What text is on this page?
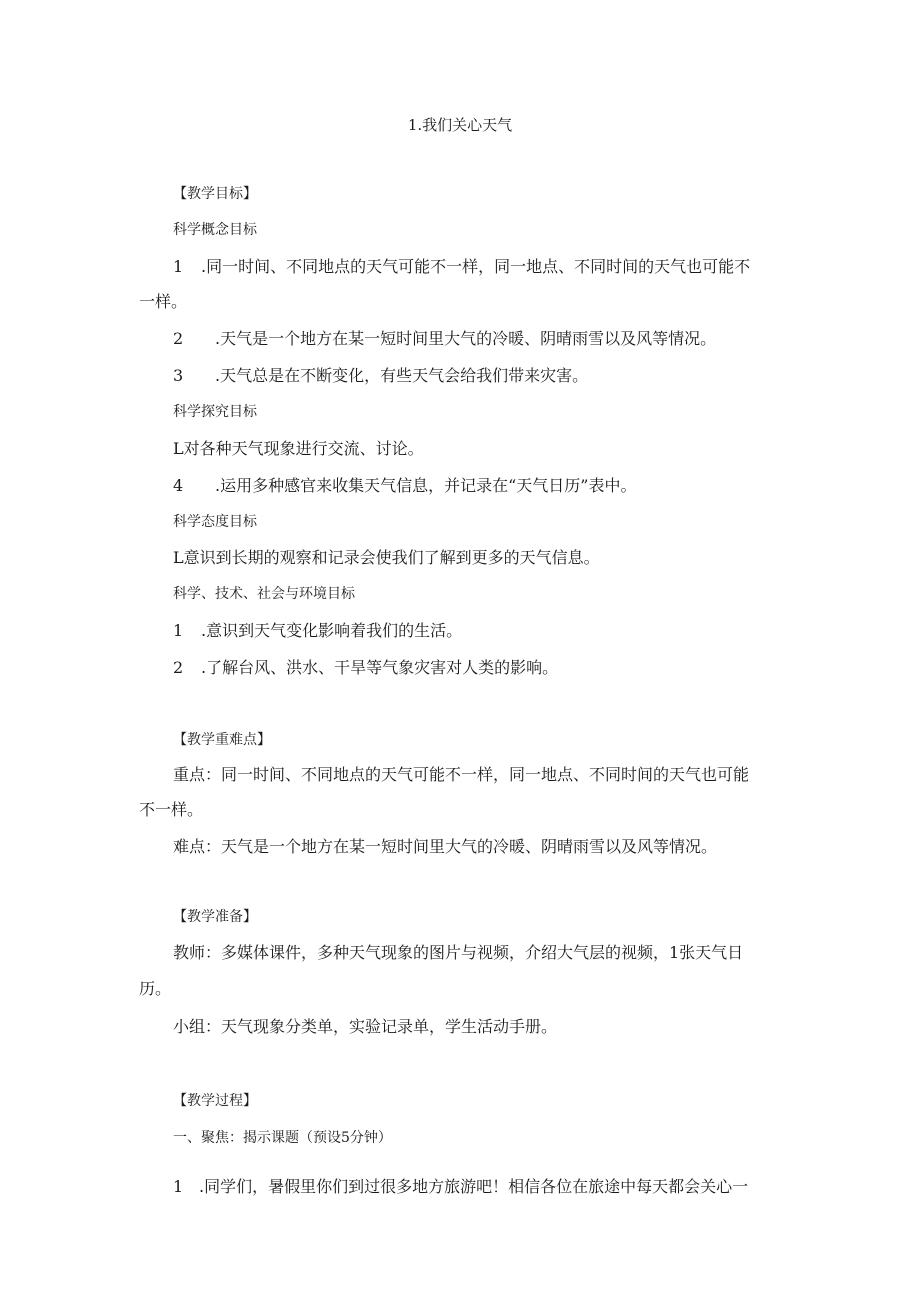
1.我们关心天气
【教学目标】
科学概念目标
1 .同一时间、不同地点的天气可能不一样，同一地点、不同时间的天气也可能不
一样。
2 .天气是一个地方在某一短时间里大气的冷暖、阴晴雨雪以及风等情况。
3 .天气总是在不断变化，有些天气会给我们带来灾害。
科学探究目标
L对各种天气现象进行交流、讨论。
4 .运用多种感官来收集天气信息，并记录在“天气日历”表中。
科学态度目标
L意识到长期的观察和记录会使我们了解到更多的天气信息。
科学、技术、社会与环境目标
1 .意识到天气变化影响着我们的生活。
2 .了解台风、洪水、干旱等气象灾害对人类的影响。
【教学重难点】
重点：同一时间、不同地点的天气可能不一样，同一地点、不同时间的天气也可能
不一样。
难点：天气是一个地方在某一短时间里大气的冷暖、阴晴雨雪以及风等情况。
【教学准备】
教师：多媒体课件，多种天气现象的图片与视频，介绍大气层的视频，1张天气日
历。
小组：天气现象分类单，实验记录单，学生活动手册。
【教学过程】
一、聚焦：揭示课题（预设5分钟）
1 .同学们，暑假里你们到过很多地方旅游吧！相信各位在旅途中每天都会关心一
